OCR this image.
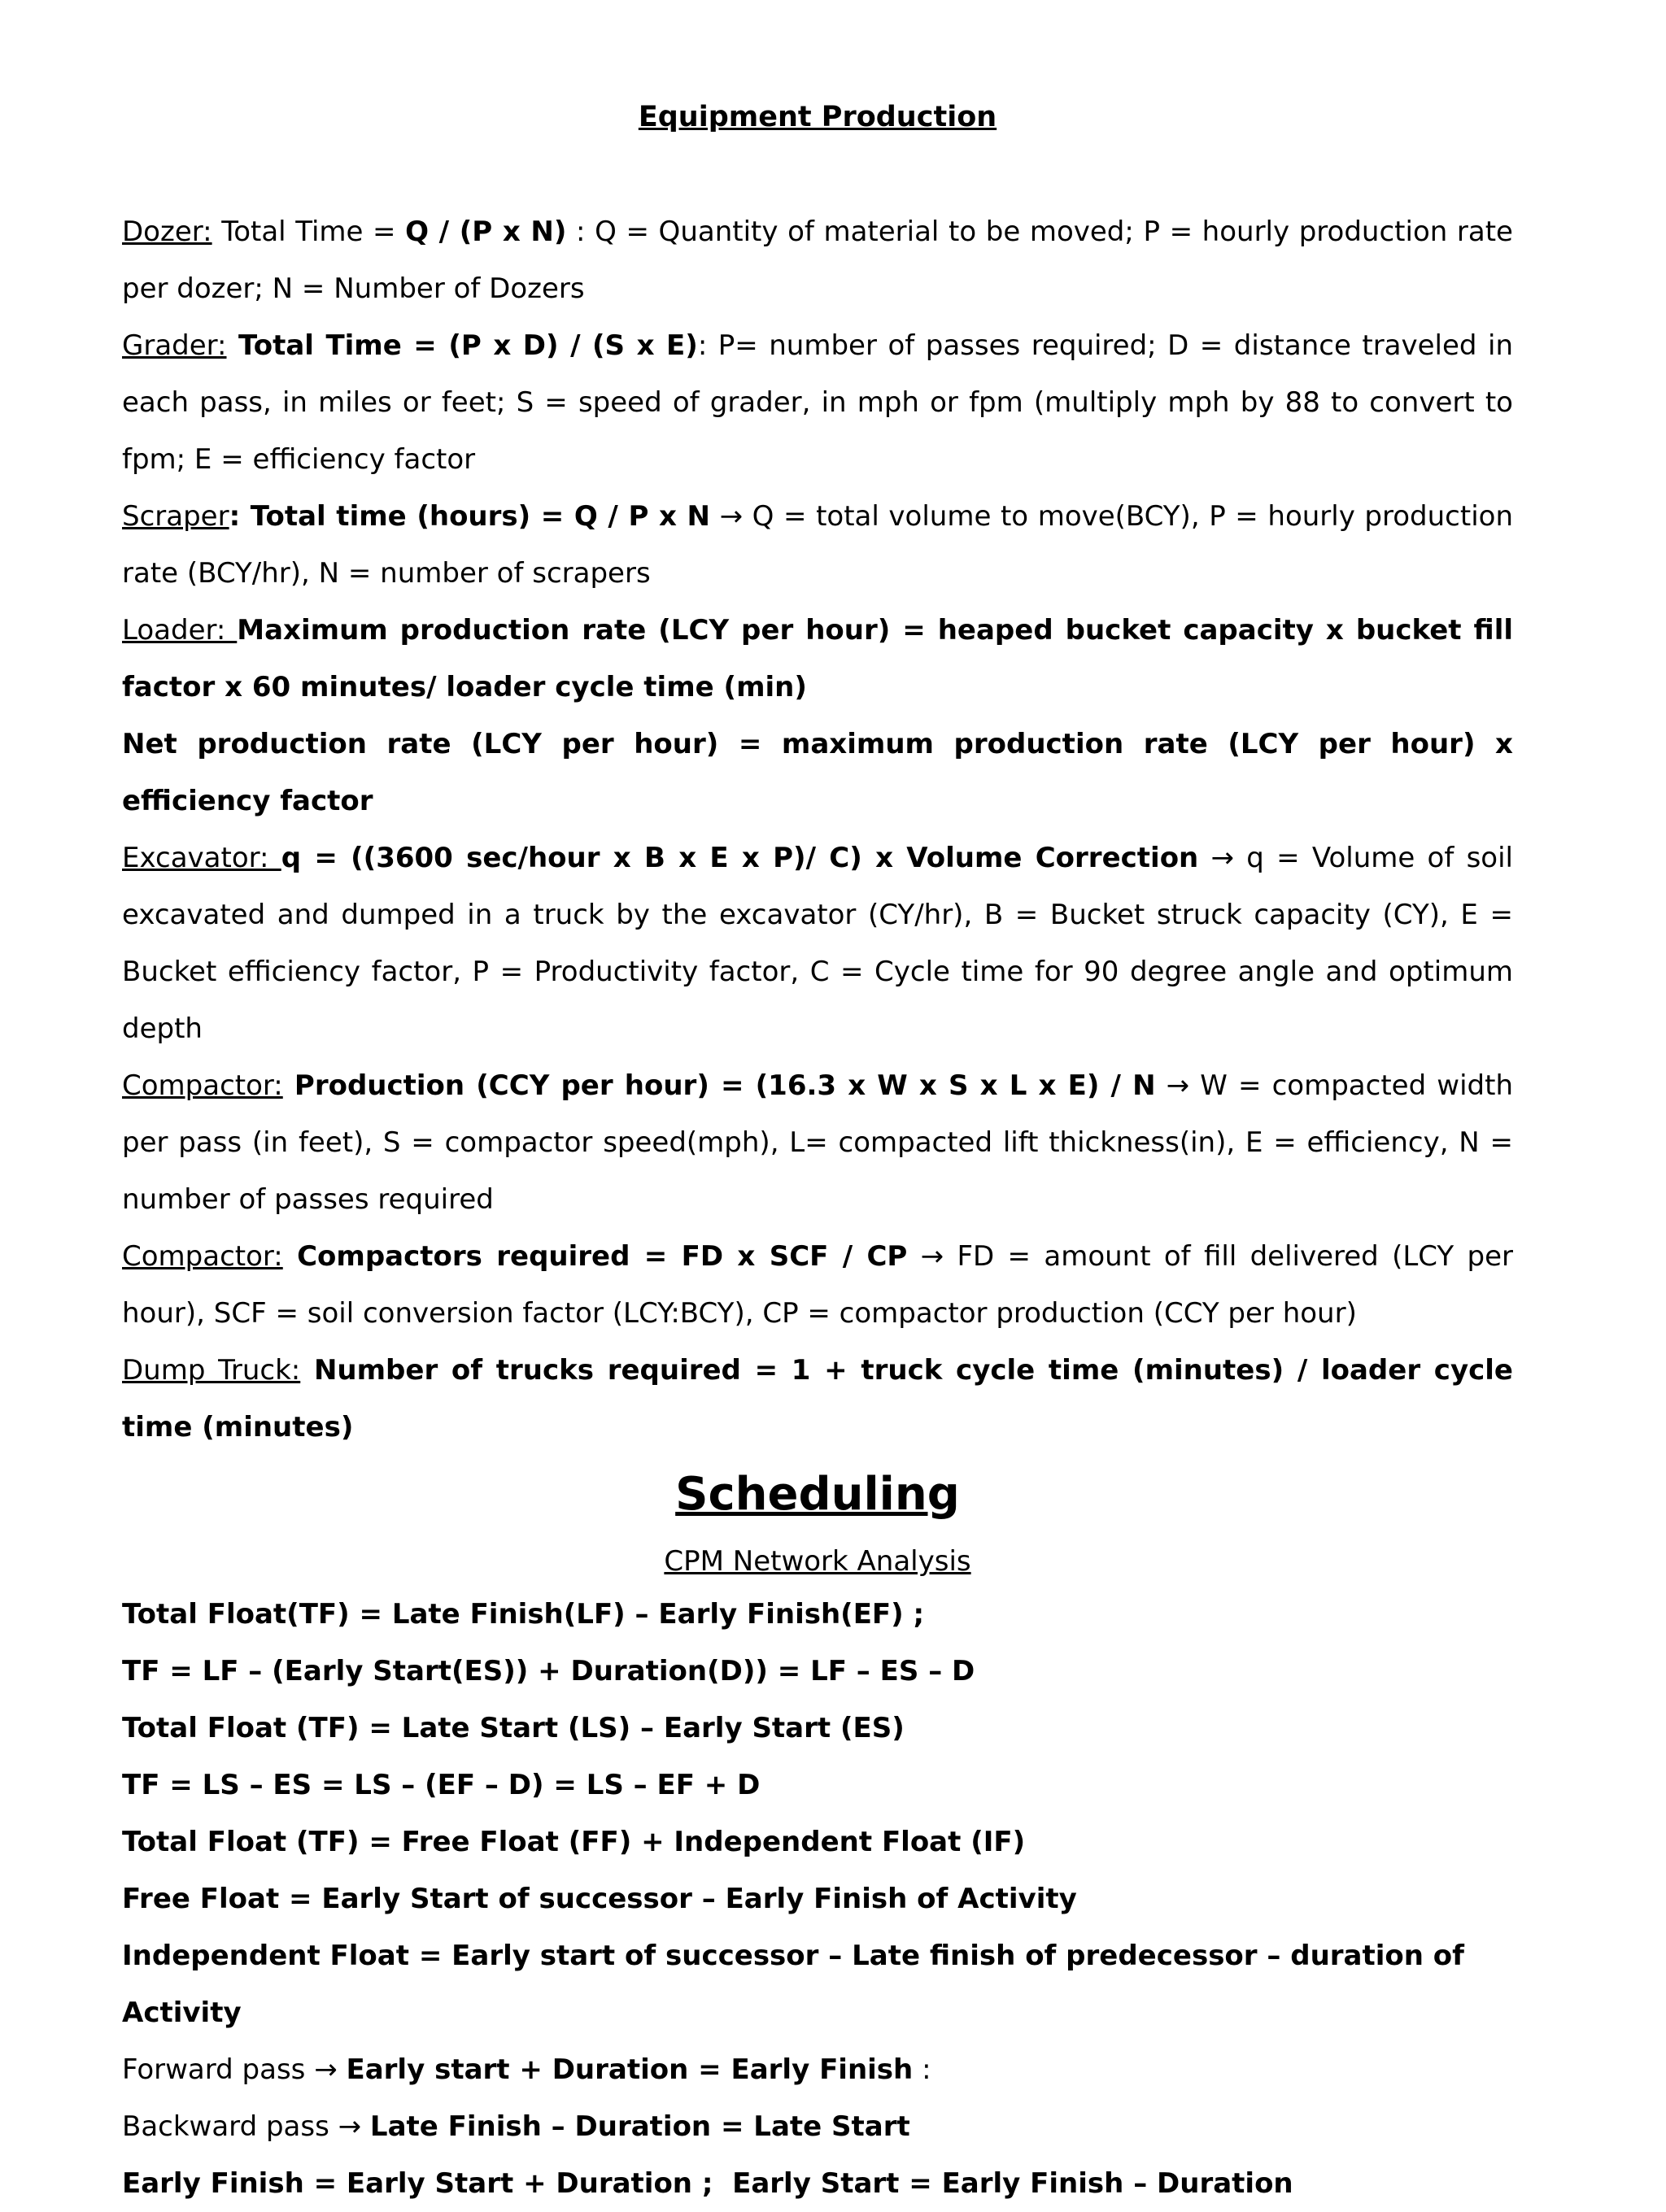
Equipment Production

Dozer: Total Time = Q / (P x N) : Q = Quantity of material to be moved; P = hourly production rate per dozer; N = Number of Dozers

Grader: Total Time = (P x D) / (S x E): P= number of passes required; D = distance traveled in each pass, in miles or feet; S = speed of grader, in mph or fpm (multiply mph by 88 to convert to fpm; E = efficiency factor

Scraper: Total time (hours) = Q / P x N → Q = total volume to move(BCY), P = hourly production rate (BCY/hr), N = number of scrapers

Loader: Maximum production rate (LCY per hour) = heaped bucket capacity x bucket fill factor x 60 minutes/ loader cycle time (min)

Net production rate (LCY per hour) = maximum production rate (LCY per hour) x efficiency factor

Excavator: q = ((3600 sec/hour x B x E x P)/ C) x Volume Correction → q = Volume of soil excavated and dumped in a truck by the excavator (CY/hr), B = Bucket struck capacity (CY), E = Bucket efficiency factor, P = Productivity factor, C = Cycle time for 90 degree angle and optimum depth

Compactor: Production (CCY per hour) = (16.3 x W x S x L x E) / N → W = compacted width per pass (in feet), S = compactor speed(mph), L= compacted lift thickness(in), E = efficiency, N = number of passes required

Compactor: Compactors required = FD x SCF / CP → FD = amount of fill delivered (LCY per hour), SCF = soil conversion factor (LCY:BCY), CP = compactor production (CCY per hour)

Dump Truck: Number of trucks required = 1 + truck cycle time (minutes) / loader cycle time (minutes)

Scheduling
CPM Network Analysis

Total Float(TF) = Late Finish(LF) – Early Finish(EF) ;

TF = LF – (Early Start(ES)) + Duration(D)) = LF – ES – D

Total Float (TF) = Late Start (LS) – Early Start (ES)

TF = LS – ES = LS – (EF – D) = LS – EF + D

Total Float (TF) = Free Float (FF) + Independent Float (IF)

Free Float = Early Start of successor – Early Finish of Activity

Independent Float = Early start of successor – Late finish of predecessor – duration of Activity

Forward pass → Early start + Duration = Early Finish :

Backward pass → Late Finish – Duration = Late Start

Early Finish = Early Start + Duration ; Early Start = Early Finish – Duration
